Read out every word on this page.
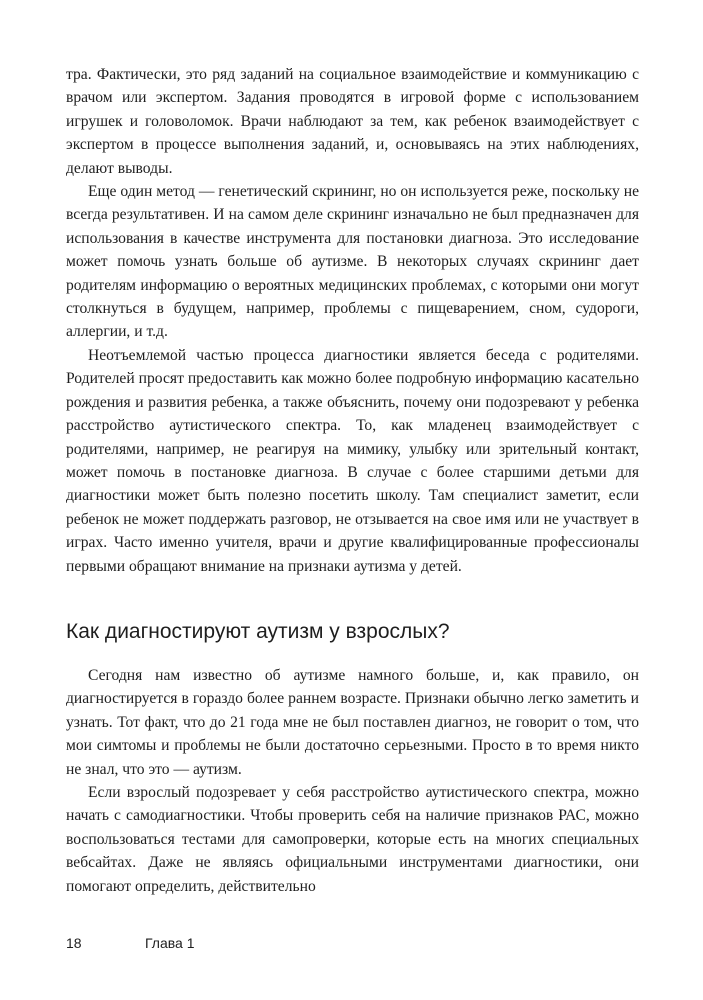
тра. Фактически, это ряд заданий на социальное взаимодействие и коммуникацию с врачом или экспертом. Задания проводятся в игровой форме с использованием игрушек и головоломок. Врачи наблюдают за тем, как ребенок взаимодействует с экспертом в процессе выполнения заданий, и, основываясь на этих наблюдениях, делают выводы.

Еще один метод — генетический скрининг, но он используется реже, поскольку не всегда результативен. И на самом деле скрининг изначально не был предназначен для использования в качестве инструмента для постановки диагноза. Это исследование может помочь узнать больше об аутизме. В некоторых случаях скрининг дает родителям информацию о вероятных медицинских проблемах, с которыми они могут столкнуться в будущем, например, проблемы с пищеварением, сном, судороги, аллергии, и т.д.

Неотъемлемой частью процесса диагностики является беседа с родителями. Родителей просят предоставить как можно более подробную информацию касательно рождения и развития ребенка, а также объяснить, почему они подозревают у ребенка расстройство аутистического спектра. То, как младенец взаимодействует с родителями, например, не реагируя на мимику, улыбку или зрительный контакт, может помочь в постановке диагноза. В случае с более старшими детьми для диагностики может быть полезно посетить школу. Там специалист заметит, если ребенок не может поддержать разговор, не отзывается на свое имя или не участвует в играх. Часто именно учителя, врачи и другие квалифицированные профессионалы первыми обращают внимание на признаки аутизма у детей.

Как диагностируют аутизм у взрослых?

Сегодня нам известно об аутизме намного больше, и, как правило, он диагностируется в гораздо более раннем возрасте. Признаки обычно легко заметить и узнать. Тот факт, что до 21 года мне не был поставлен диагноз, не говорит о том, что мои симтомы и проблемы не были достаточно серьезными. Просто в то время никто не знал, что это — аутизм.

Если взрослый подозревает у себя расстройство аутистического спектра, можно начать с самодиагностики. Чтобы проверить себя на наличие признаков РАС, можно воспользоваться тестами для самопроверки, которые есть на многих специальных вебсайтах. Даже не являясь официальными инструментами диагностики, они помогают определить, действительно

18	Глава 1
